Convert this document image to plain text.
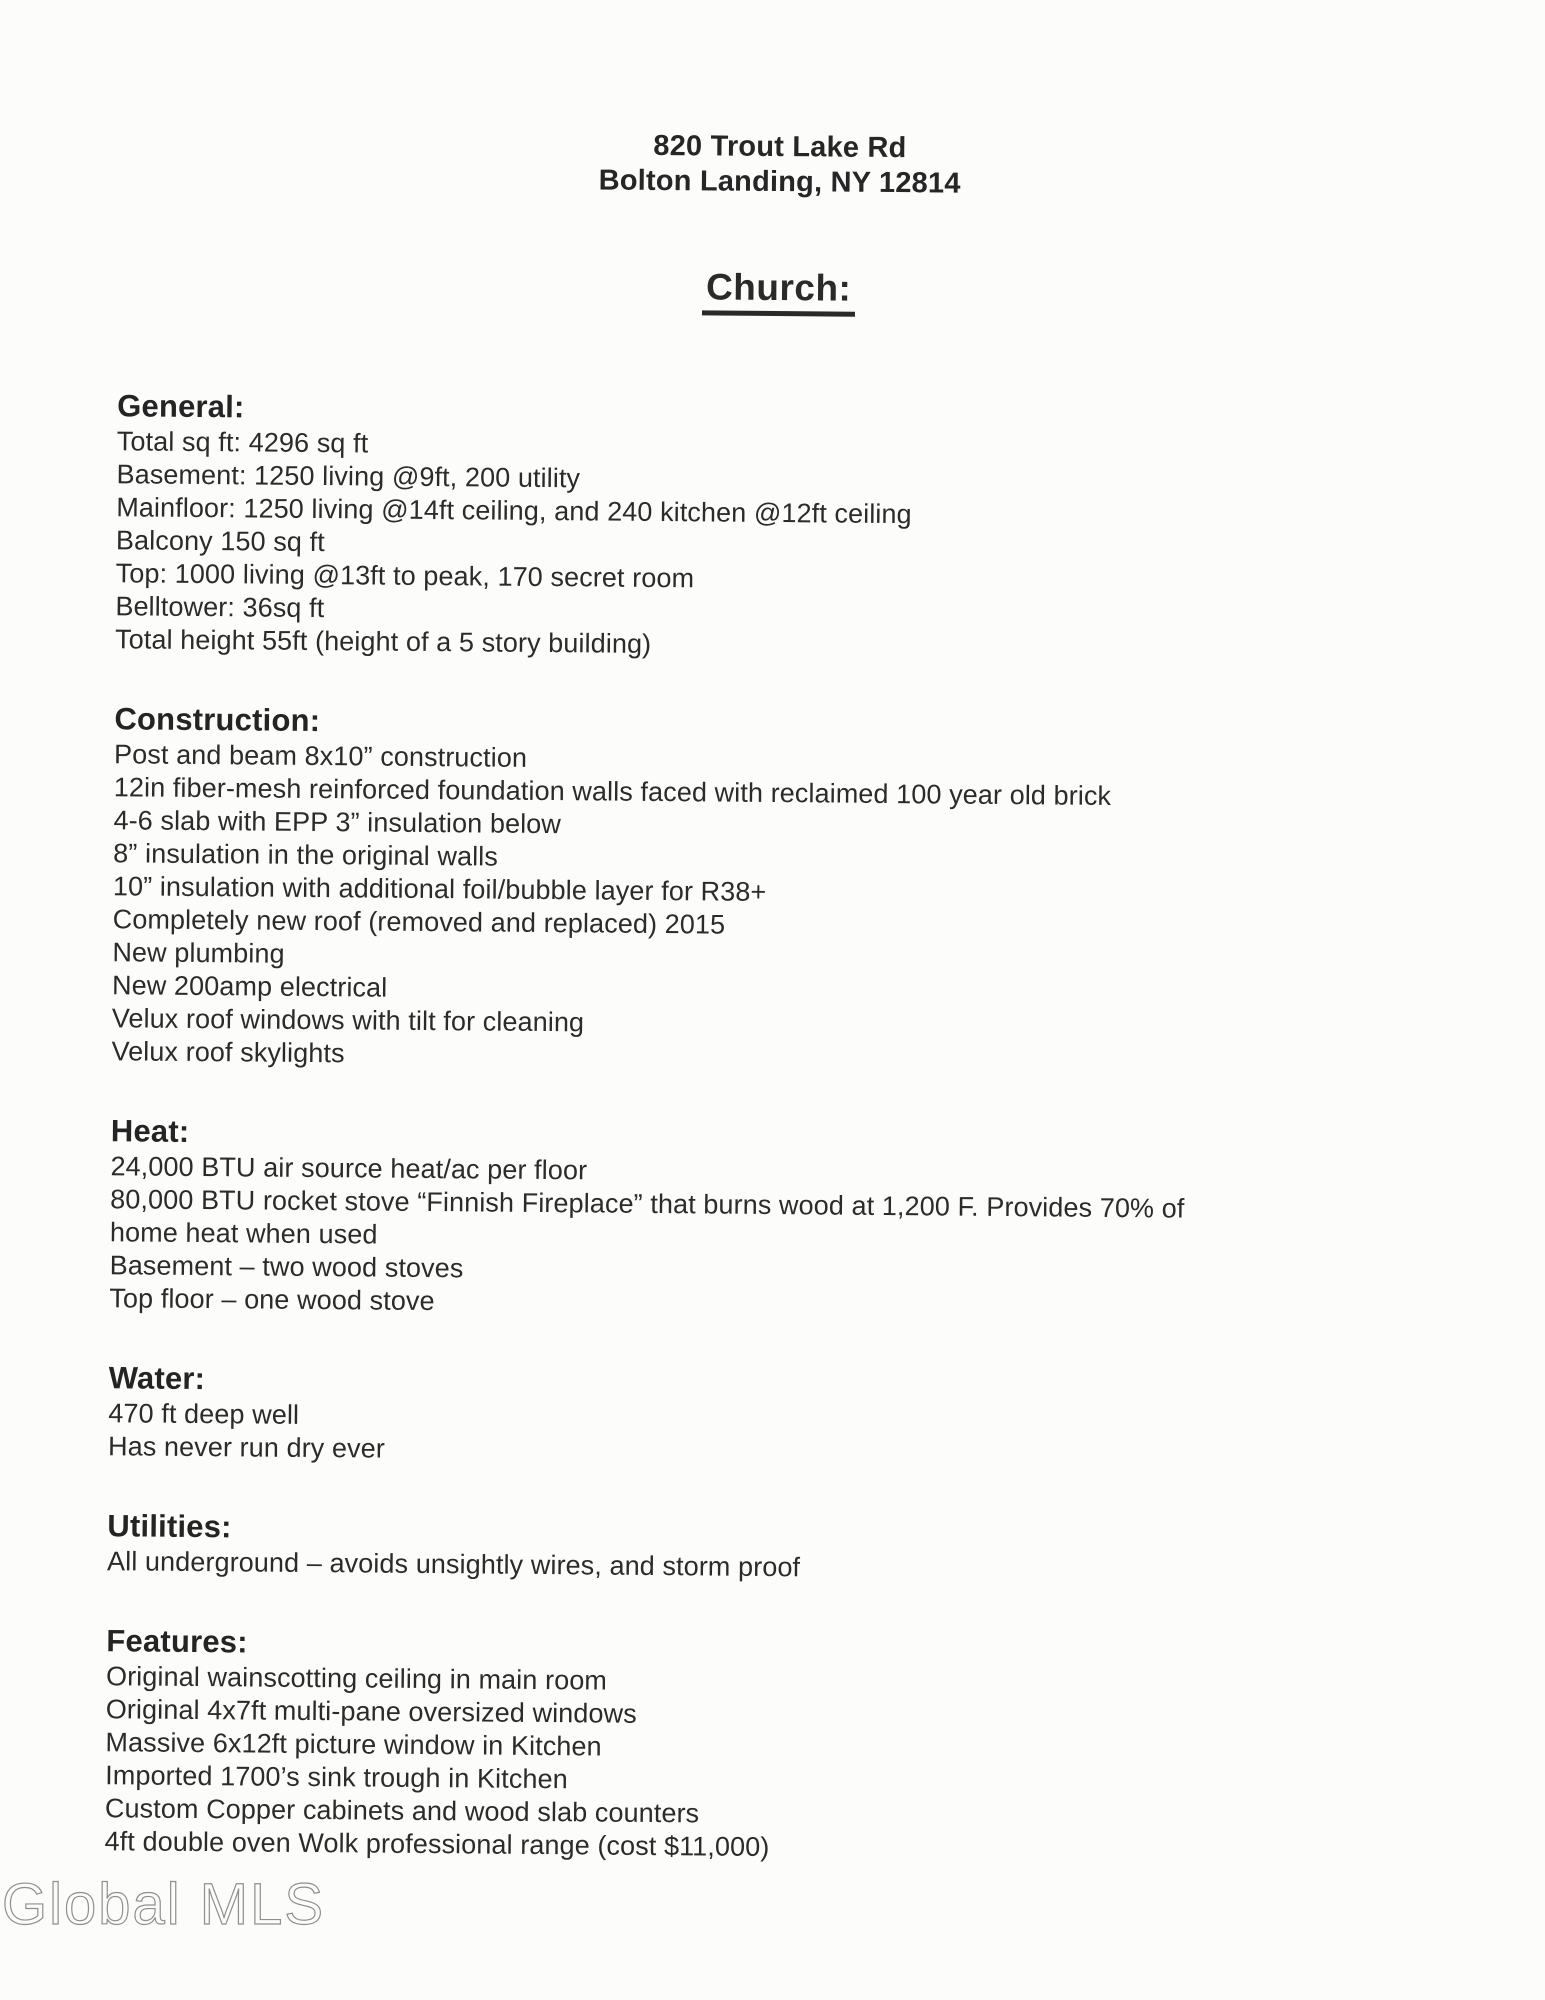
820 Trout Lake Rd
Bolton Landing, NY 12814
Church:
General:
Total sq ft: 4296 sq ft
Basement: 1250 living @9ft, 200 utility
Mainfloor: 1250 living @14ft ceiling, and 240 kitchen @12ft ceiling
Balcony 150 sq ft
Top: 1000 living @13ft to peak, 170 secret room
Belltower: 36sq ft
Total height 55ft (height of a 5 story building)
Construction:
Post and beam 8x10” construction
12in fiber-mesh reinforced foundation walls faced with reclaimed 100 year old brick
4-6 slab with EPP 3” insulation below
8” insulation in the original walls
10” insulation with additional foil/bubble layer for R38+
Completely new roof (removed and replaced) 2015
New plumbing
New 200amp electrical
Velux roof windows with tilt for cleaning
Velux roof skylights
Heat:
24,000 BTU air source heat/ac per floor
80,000 BTU rocket stove “Finnish Fireplace” that burns wood at 1,200 F. Provides 70% of
home heat when used
Basement – two wood stoves
Top floor – one wood stove
Water:
470 ft deep well
Has never run dry ever
Utilities:
All underground – avoids unsightly wires, and storm proof
Features:
Original wainscotting ceiling in main room
Original 4x7ft multi-pane oversized windows
Massive 6x12ft picture window in Kitchen
Imported 1700’s sink trough in Kitchen
Custom Copper cabinets and wood slab counters
4ft double oven Wolk professional range (cost $11,000)
Global MLS
